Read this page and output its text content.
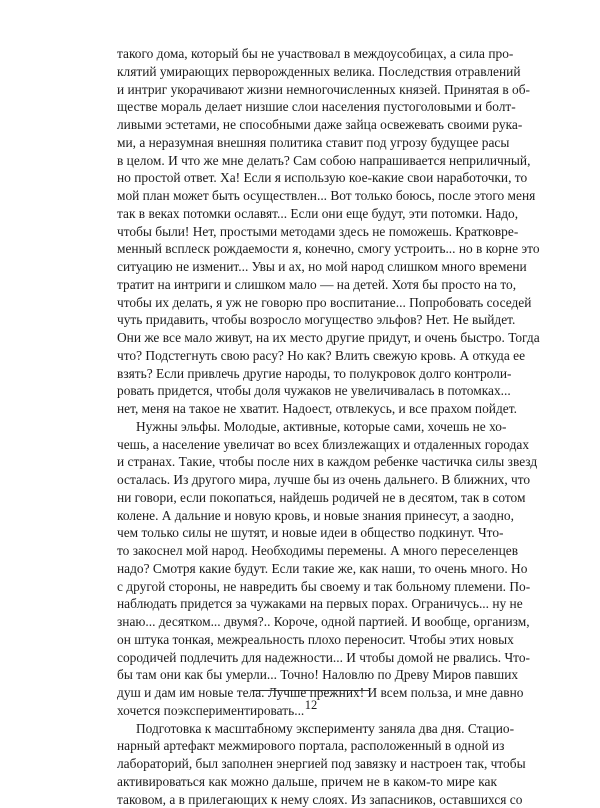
такого дома, который бы не участвовал в междоусобицах, а сила про-
клятий умирающих перворожденных велика. Последствия отравлений
и интриг укорачивают жизни немногочисленных князей. Принятая в об-
ществе мораль делает низшие слои населения пустоголовыми и болт-
ливыми эстетами, не способными даже зайца освежевать своими рука-
ми, а неразумная внешняя политика ставит под угрозу будущее расы
в целом. И что же мне делать? Сам собою напрашивается неприличный,
но простой ответ. Ха! Если я использую кое-какие свои наработочки, то
мой план может быть осуществлен... Вот только боюсь, после этого меня
так в веках потомки ославят... Если они еще будут, эти потомки. Надо,
чтобы были! Нет, простыми методами здесь не поможешь. Кратковре-
менный всплеск рождаемости я, конечно, смогу устроить... но в корне это
ситуацию не изменит... Увы и ах, но мой народ слишком много времени
тратит на интриги и слишком мало — на детей. Хотя бы просто на то,
чтобы их делать, я уж не говорю про воспитание... Попробовать соседей
чуть придавить, чтобы возросло могущество эльфов? Нет. Не выйдет.
Они же все мало живут, на их место другие придут, и очень быстро. Тогда
что? Подстегнуть свою расу? Но как? Влить свежую кровь. А откуда ее
взять? Если привлечь другие народы, то полукровок долго контроли-
ровать придется, чтобы доля чужаков не увеличивалась в потомках...
нет, меня на такое не хватит. Надоест, отвлекусь, и все прахом пойдет.
Нужны эльфы. Молодые, активные, которые сами, хочешь не хо-
чешь, а население увеличат во всех близлежащих и отдаленных городах
и странах. Такие, чтобы после них в каждом ребенке частичка силы звезд
осталась. Из другого мира, лучше бы из очень дальнего. В ближних, что
ни говори, если покопаться, найдешь родичей не в десятом, так в сотом
колене. А дальние и новую кровь, и новые знания принесут, а заодно,
чем только силы не шутят, и новые идеи в общество подкинут. Что-
то закоснел мой народ. Необходимы перемены. А много переселенцев
надо? Смотря какие будут. Если такие же, как наши, то очень много. Но
с другой стороны, не навредить бы своему и так больному племени. По-
наблюдать придется за чужаками на первых порах. Ограничусь... ну не
знаю... десятком... двумя?.. Короче, одной партией. И вообще, организм,
он штука тонкая, межреальность плохо переносит. Чтобы этих новых
сородичей подлечить для надежности... И чтобы домой не рвались. Что-
бы там они как бы умерли... Точно! Наловлю по Древу Миров павших
душ и дам им новые тела. Лучше прежних! И всем польза, и мне давно
хочется поэкспериментировать...
Подготовка к масштабному эксперименту заняла два дня. Стацио-
нарный артефакт межмирового портала, расположенный в одной из
лабораторий, был заполнен энергией под завязку и настроен так, чтобы
активироваться как можно дальше, причем не в каком-то мире как
таковом, а в прилегающих к нему слоях. Из запасников, оставшихся со
12
